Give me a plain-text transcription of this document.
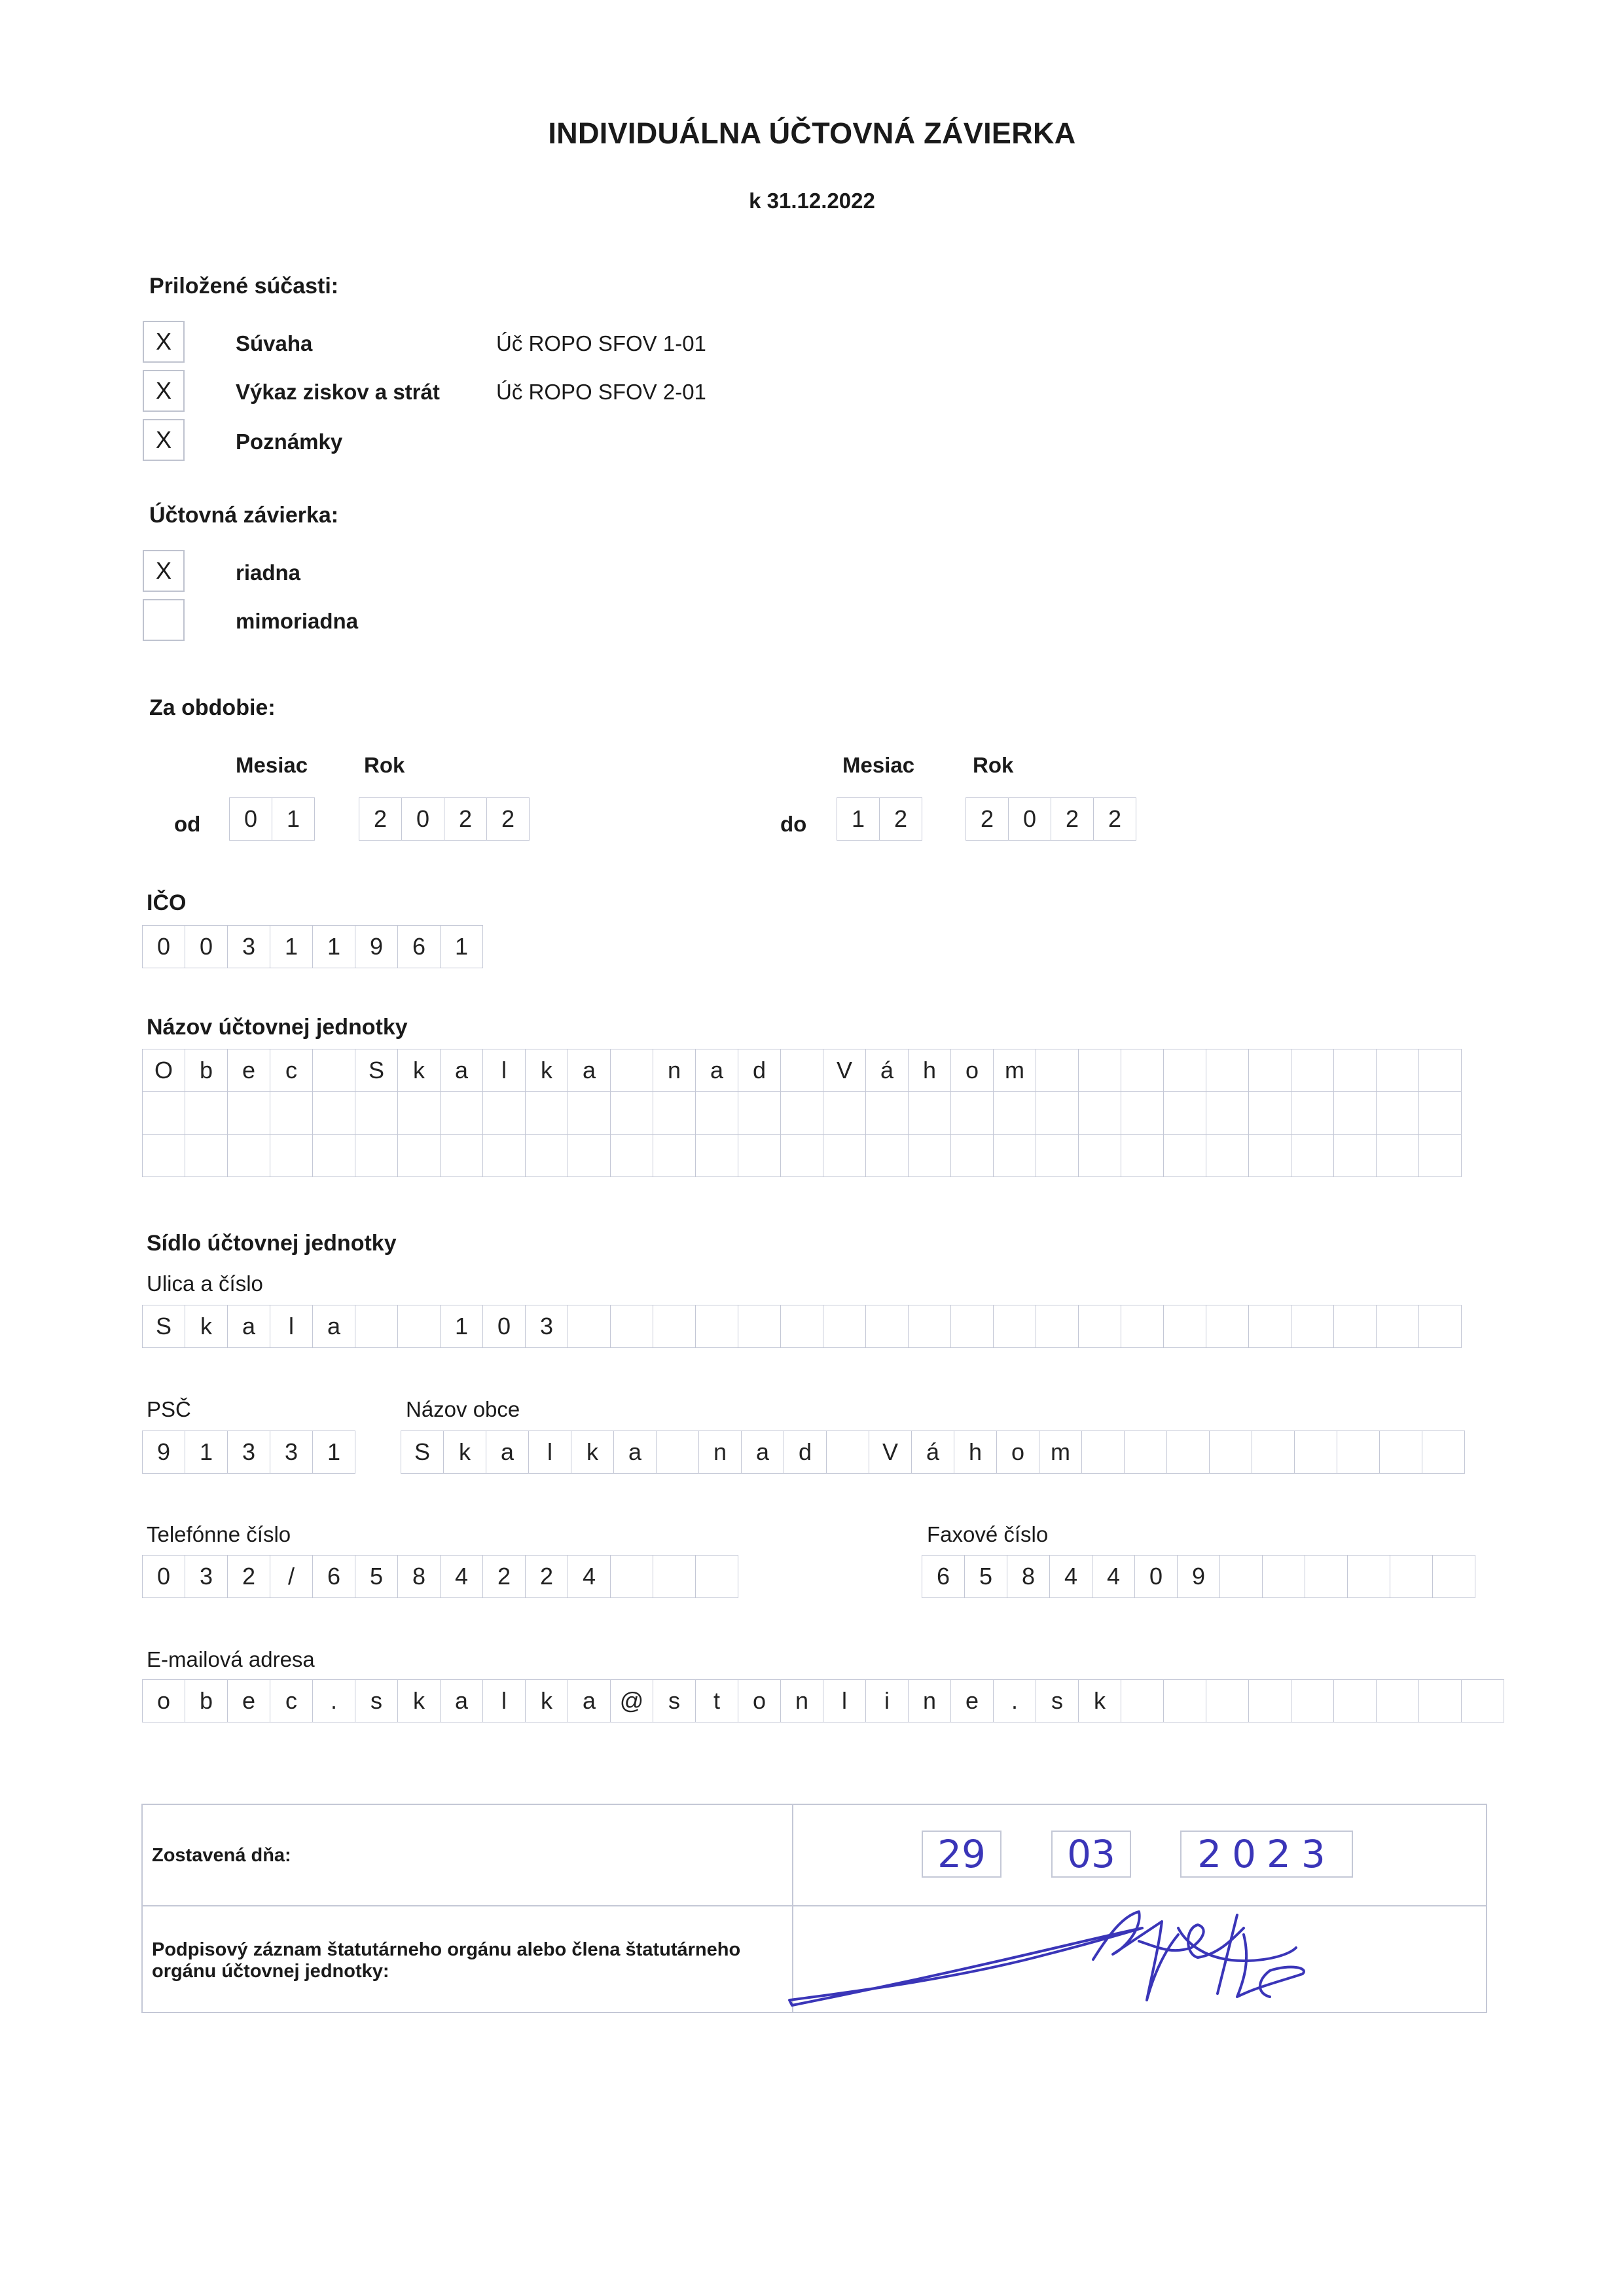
INDIVIDUÁLNA ÚČTOVNÁ ZÁVIERKA
k 31.12.2022
Priložené súčasti:
X	Súvaha	Úč ROPO SFOV 1-01
X	Výkaz ziskov a strát	Úč ROPO SFOV 2-01
X	Poznámky
Účtovná závierka:
X	riadna
mimoriadna
Za obdobie:
Mesiac	Rok	Mesiac	Rok
od	0	1	2	0	2	2	do	1	2	2	0	2	2
IČO
0	0	3	1	1	9	6	1
Názov účtovnej jednotky
O	b	e	c	S	k	a	l	k	a	n	a	d	V	á	h	o	m
Sídlo účtovnej jednotky
Ulica a číslo
S	k	a	l	a	1	0	3
PSČ
9	1	3	3	1
Názov obce
S	k	a	l	k	a	n	a	d	V	á	h	o	m
Telefónne číslo
0	3	2	/	6	5	8	4	2	2	4
Faxové číslo
6	5	8	4	4	0	9
E-mailová adresa
o	b	e	c	.	s	k	a	l	k	a	@	s	t	o	n	l	i	n	e	.	s	k
Zostavená dňa:
Podpisový záznam štatutárneho orgánu alebo člena štatutárneho orgánu účtovnej jednotky:
29	03	2023
